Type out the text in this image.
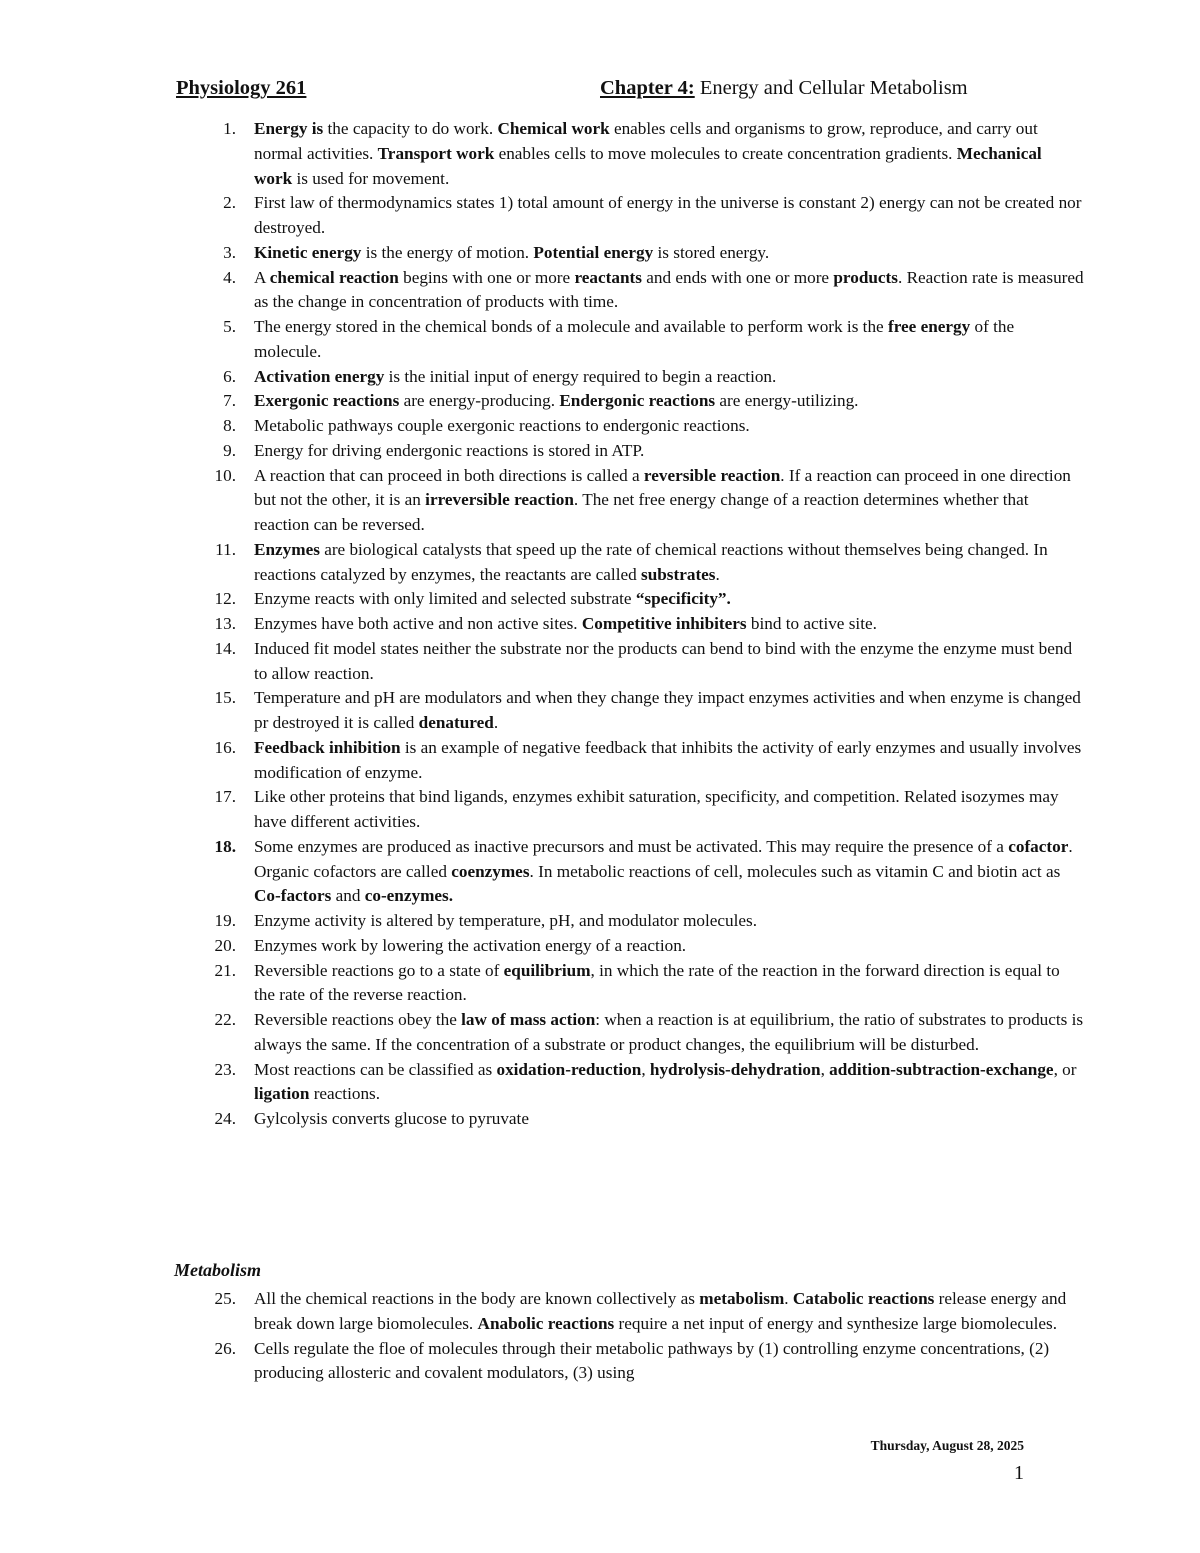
Physiology 261	Chapter 4: Energy and Cellular Metabolism
1. Energy is the capacity to do work. Chemical work enables cells and organisms to grow, reproduce, and carry out normal activities. Transport work enables cells to move molecules to create concentration gradients. Mechanical work is used for movement.
2. First law of thermodynamics states 1) total amount of energy in the universe is constant 2) energy can not be created nor destroyed.
3. Kinetic energy is the energy of motion. Potential energy is stored energy.
4. A chemical reaction begins with one or more reactants and ends with one or more products. Reaction rate is measured as the change in concentration of products with time.
5. The energy stored in the chemical bonds of a molecule and available to perform work is the free energy of the molecule.
6. Activation energy is the initial input of energy required to begin a reaction.
7. Exergonic reactions are energy-producing. Endergonic reactions are energy-utilizing.
8. Metabolic pathways couple exergonic reactions to endergonic reactions.
9. Energy for driving endergonic reactions is stored in ATP.
10. A reaction that can proceed in both directions is called a reversible reaction. If a reaction can proceed in one direction but not the other, it is an irreversible reaction. The net free energy change of a reaction determines whether that reaction can be reversed.
11. Enzymes are biological catalysts that speed up the rate of chemical reactions without themselves being changed. In reactions catalyzed by enzymes, the reactants are called substrates.
12. Enzyme reacts with only limited and selected substrate “specificity”.
13. Enzymes have both active and non active sites. Competitive inhibiters bind to active site.
14. Induced fit model states neither the substrate nor the products can bend to bind with the enzyme the enzyme must bend to allow reaction.
15. Temperature and pH are modulators and when they change they impact enzymes activities and when enzyme is changed pr destroyed it is called denatured.
16. Feedback inhibition is an example of negative feedback that inhibits the activity of early enzymes and usually involves modification of enzyme.
17. Like other proteins that bind ligands, enzymes exhibit saturation, specificity, and competition. Related isozymes may have different activities.
18. Some enzymes are produced as inactive precursors and must be activated. This may require the presence of a cofactor. Organic cofactors are called coenzymes. In metabolic reactions of cell, molecules such as vitamin C and biotin act as Co-factors and co-enzymes.
19. Enzyme activity is altered by temperature, pH, and modulator molecules.
20. Enzymes work by lowering the activation energy of a reaction.
21. Reversible reactions go to a state of equilibrium, in which the rate of the reaction in the forward direction is equal to the rate of the reverse reaction.
22. Reversible reactions obey the law of mass action: when a reaction is at equilibrium, the ratio of substrates to products is always the same. If the concentration of a substrate or product changes, the equilibrium will be disturbed.
23. Most reactions can be classified as oxidation-reduction, hydrolysis-dehydration, addition-subtraction-exchange, or ligation reactions.
24. Gylcolysis converts glucose to pyruvate
Metabolism
25. All the chemical reactions in the body are known collectively as metabolism. Catabolic reactions release energy and break down large biomolecules. Anabolic reactions require a net input of energy and synthesize large biomolecules.
26. Cells regulate the floe of molecules through their metabolic pathways by (1) controlling enzyme concentrations, (2) producing allosteric and covalent modulators, (3) using
Thursday, August 28, 2025
1
